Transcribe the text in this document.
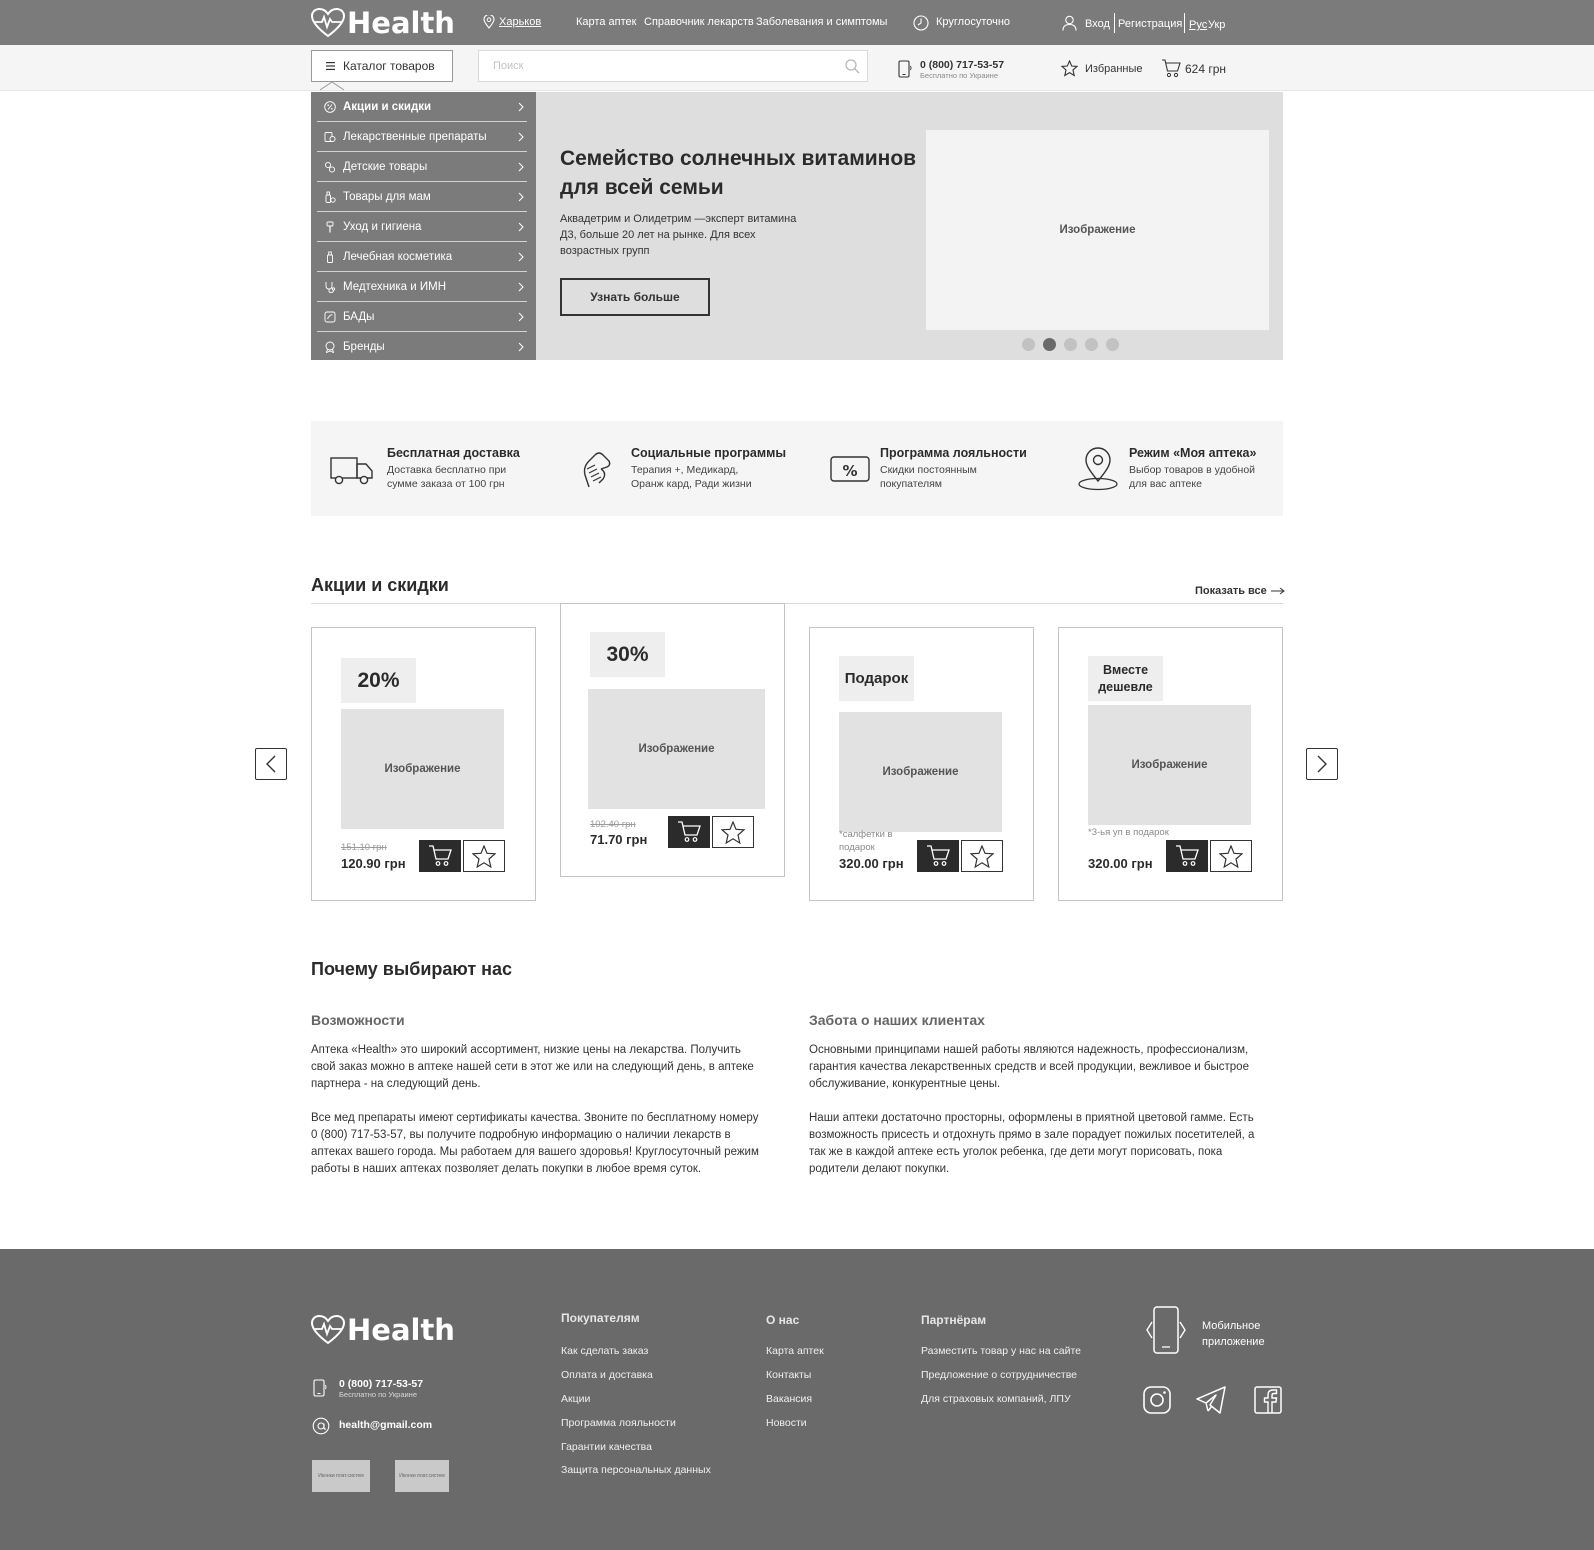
Health	Харьков	Карта аптек Справочник лекарств Заболевания и симптомы	Круглосуточно	Вход Регистрация Рус Укр
Каталог товаров
Поиск	0 (800) 717-53-57
Бесплатно по Украине
Избранные	624 грн
Акции и скидки
Лекарственные препараты
Детские товары
Товары для мам
Уход и гигиена
Лечебная косметика
Медтехника и ИМН
БАДы
Бренды
Семейство солнечных витаминов для всей семьи
Аквадетрим и Олидетрим —эксперт витамина Д3, больше 20 лет на рынке. Для всех возрастных групп
Узнать больше
Изображение
Бесплатная доставка
Доставка бесплатно при сумме заказа от 100 грн
Социальные программы
Терапия +, Медикард, Оранж кард, Ради жизни
%
Программа лояльности
Скидки постоянным покупателям
Режим «Моя аптека»
Выбор товаров в удобной для вас аптеке
Акции и скидки	Показать все
20%
Изображение
151.10 грн
120.90 грн
30%
Изображение
102.40 грн
71.70 грн
Подарок
Изображение
*салфетки в подарок
320.00 грн
Вместе дешевле
Изображение
*3-ья уп в подарок
320.00 грн
Почему выбирают нас
Возможности
Аптека «Health» это широкий ассортимент, низкие цены на лекарства. Получить свой заказ можно в аптеке нашей сети в этот же или на следующий день, в аптеке партнера - на следующий день.
Все мед препараты имеют сертификаты качества. Звоните по бесплатному номеру 0 (800) 717-53-57, вы получите подробную информацию о наличии лекарств в аптеках вашего города. Мы работаем для вашего здоровья! Круглосуточный режим работы в наших аптеках позволяет делать покупки в любое время суток.
Забота о наших клиентах
Основными принципами нашей работы являются надежность, профессионализм, гарантия качества лекарственных средств и всей продукции, вежливое и быстрое обслуживание, конкурентные цены.
Наши аптеки достаточно просторны, оформлены в приятной цветовой гамме. Есть возможность присесть и отдохнуть прямо в зале порадует пожилых посетителей, а так же в каждой аптеке есть уголок ребенка, где дети могут порисовать, пока родители делают покупки.
Health
0 (800) 717-53-57
Бесплатно по Украине
health@gmail.com
Иконки плат.систем	Иконки плат.систем
Покупателям
Как сделать заказ
Оплата и доставка
Акции
Программа лояльности
Гарантии качества
Защита персональных данных
О нас
Карта аптек
Контакты
Вакансия
Новости
Партнёрам
Разместить товар у нас на сайте
Предложение о сотрудничестве
Для страховых компаний, ЛПУ
Мобильное
приложение
